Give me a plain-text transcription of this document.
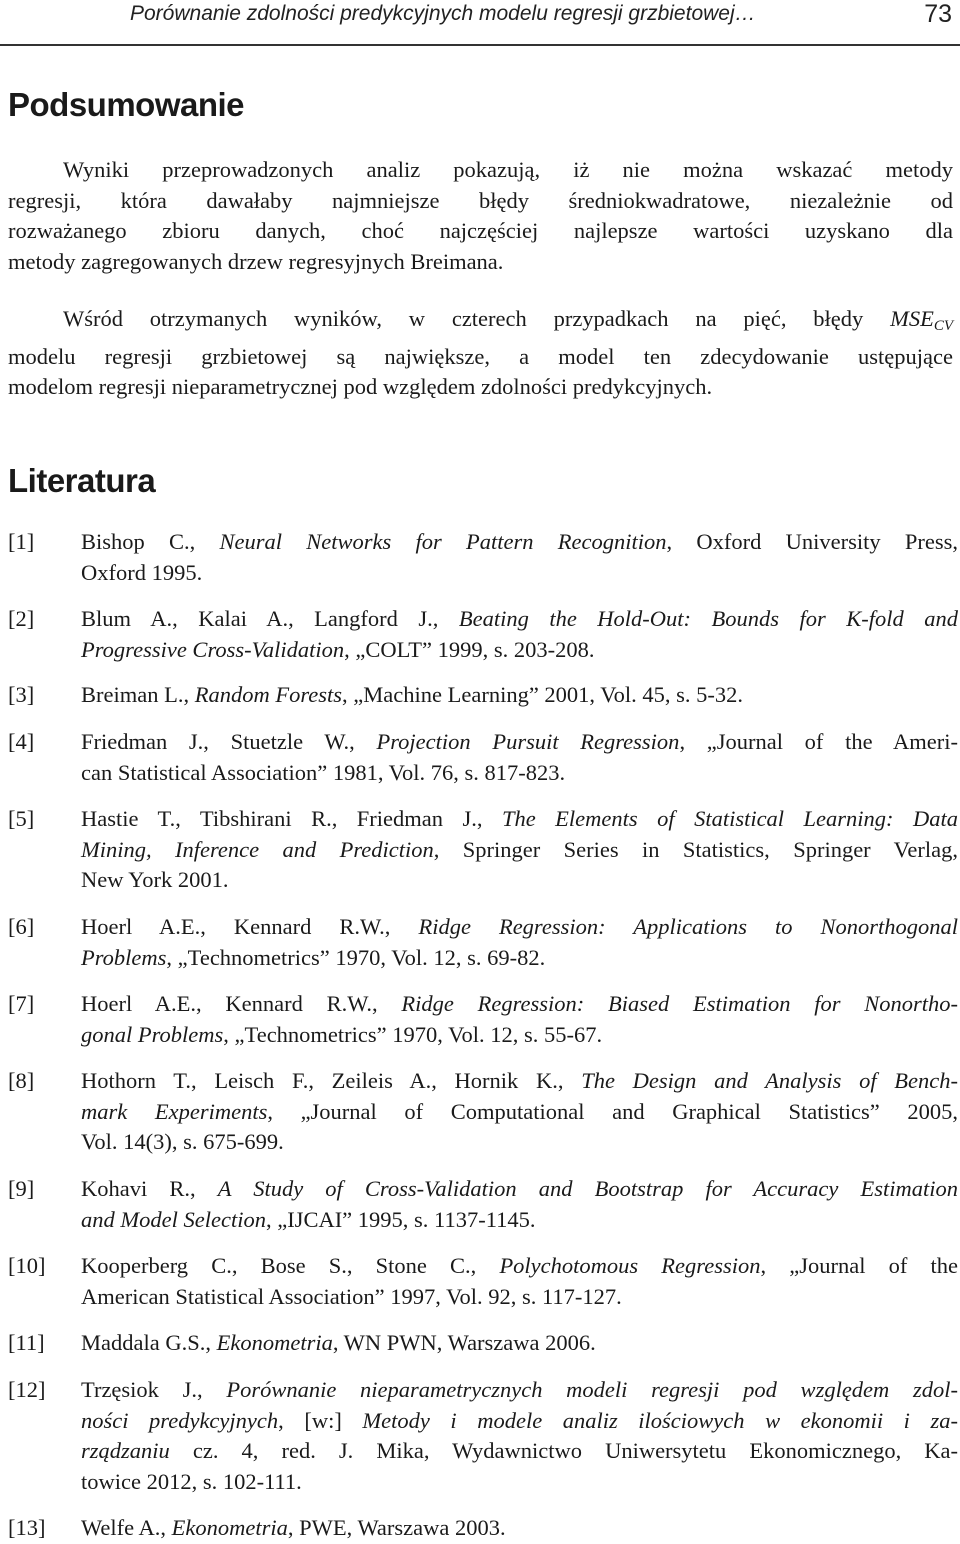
Porównanie zdolności predykcyjnych modelu regresji grzbietowej…	73
Podsumowanie
Wyniki przeprowadzonych analiz pokazują, iż nie można wskazać metody
regresji, która dawałaby najmniejsze błędy średniokwadratowe, niezależnie od
rozważanego zbioru danych, choć najczęściej najlepsze wartości uzyskano dla
metody zagregowanych drzew regresyjnych Breimana.
Wśród otrzymanych wyników, w czterech przypadkach na pięć, błędy $MSE_{CV}$
modelu regresji grzbietowej są największe, a model ten zdecydowanie ustępujące
modelom regresji nieparametrycznej pod względem zdolności predykcyjnych.
Literatura
[1] Bishop C., Neural Networks for Pattern Recognition, Oxford University Press,
Oxford 1995.
[2] Blum A., Kalai A., Langford J., Beating the Hold-Out: Bounds for K-fold and
Progressive Cross-Validation, „COLT” 1999, s. 203-208.
[3] Breiman L., Random Forests, „Machine Learning” 2001, Vol. 45, s. 5-32.
[4] Friedman J., Stuetzle W., Projection Pursuit Regression, „Journal of the Ameri-
can Statistical Association” 1981, Vol. 76, s. 817-823.
[5] Hastie T., Tibshirani R., Friedman J., The Elements of Statistical Learning: Data
Mining, Inference and Prediction, Springer Series in Statistics, Springer Verlag,
New York 2001.
[6] Hoerl A.E., Kennard R.W., Ridge Regression: Applications to Nonorthogonal
Problems, „Technometrics” 1970, Vol. 12, s. 69-82.
[7] Hoerl A.E., Kennard R.W., Ridge Regression: Biased Estimation for Nonortho-
gonal Problems, „Technometrics” 1970, Vol. 12, s. 55-67.
[8] Hothorn T., Leisch F., Zeileis A., Hornik K., The Design and Analysis of Bench-
mark Experiments, „Journal of Computational and Graphical Statistics” 2005,
Vol. 14(3), s. 675-699.
[9] Kohavi R., A Study of Cross-Validation and Bootstrap for Accuracy Estimation
and Model Selection, „IJCAI” 1995, s. 1137-1145.
[10] Kooperberg C., Bose S., Stone C., Polychotomous Regression, „Journal of the
American Statistical Association” 1997, Vol. 92, s. 117-127.
[11] Maddala G.S., Ekonometria, WN PWN, Warszawa 2006.
[12] Trzęsiok J., Porównanie nieparametrycznych modeli regresji pod względem zdol-
ności predykcyjnych, [w:] Metody i modele analiz ilościowych w ekonomii i za-
rządzaniu cz. 4, red. J. Mika, Wydawnictwo Uniwersytetu Ekonomicznego, Ka-
towice 2012, s. 102-111.
[13] Welfe A., Ekonometria, PWE, Warszawa 2003.
